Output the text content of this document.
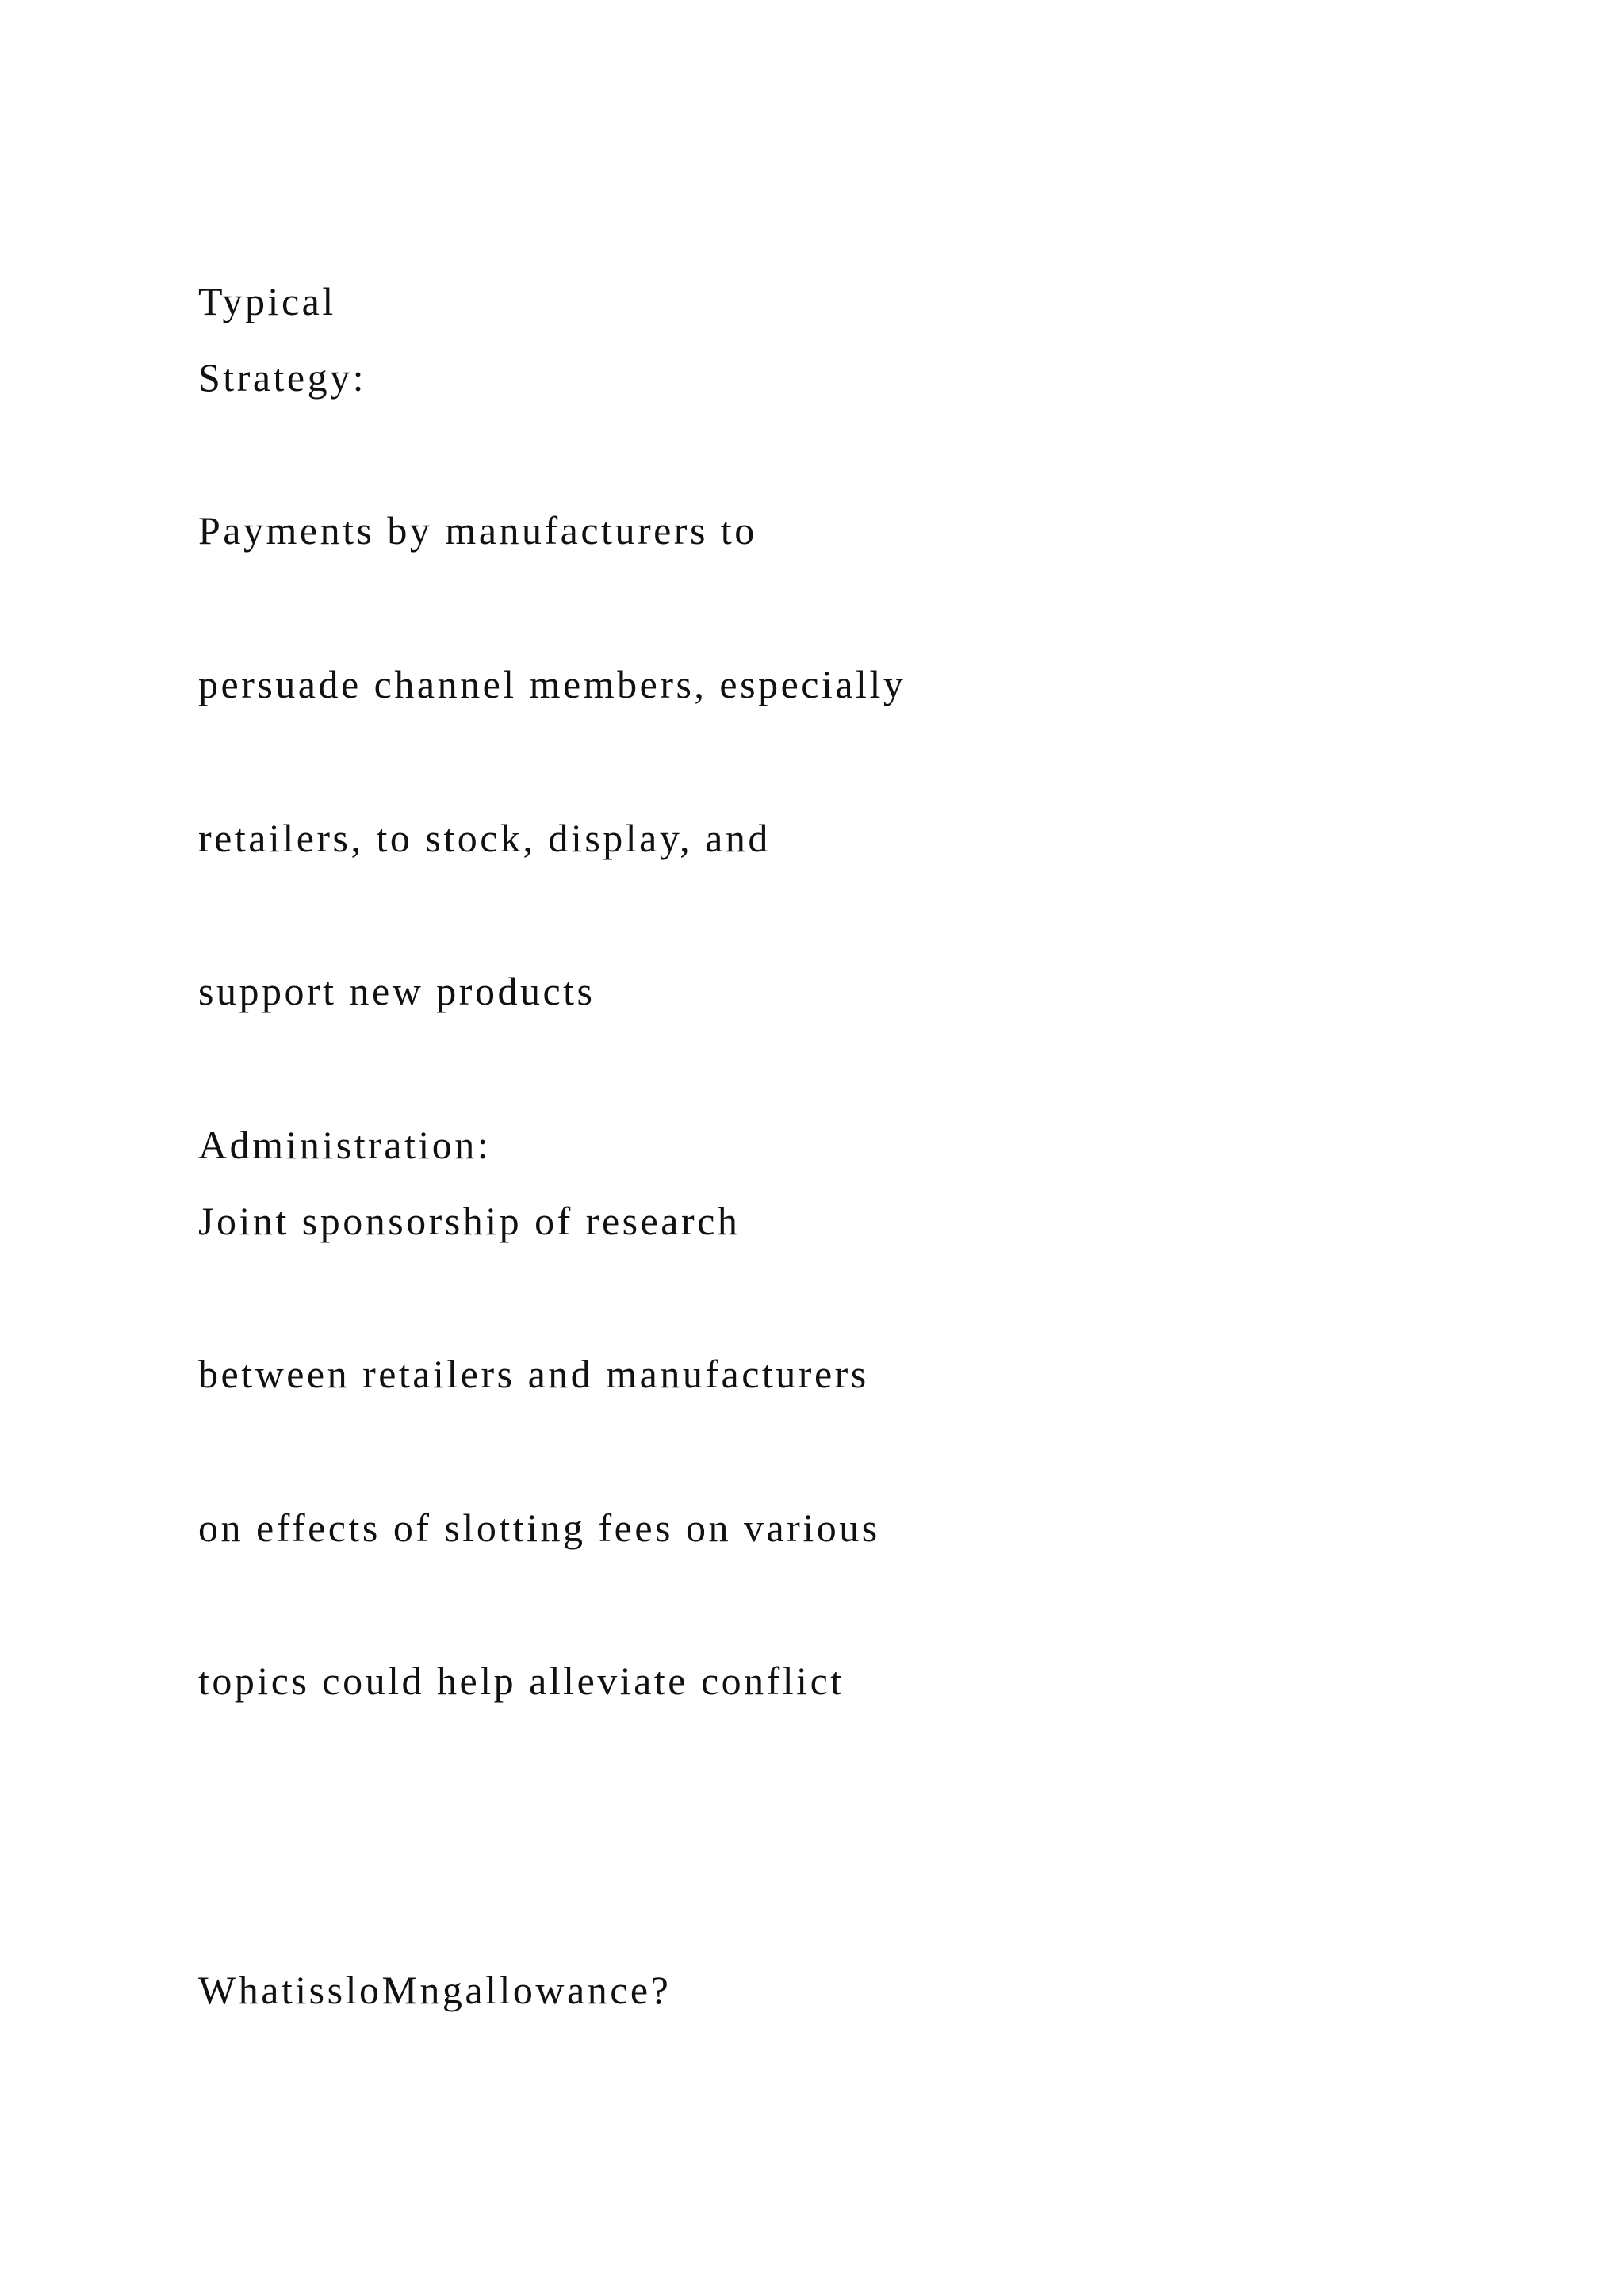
Typical

Strategy:

Payments by manufacturers to

persuade channel members, especially

retailers, to stock, display, and

support new products

Administration:

Joint sponsorship of research

between retailers and manufacturers

on effects of slotting fees on various

topics could help alleviate conflict

WhatissloMngallowance?
